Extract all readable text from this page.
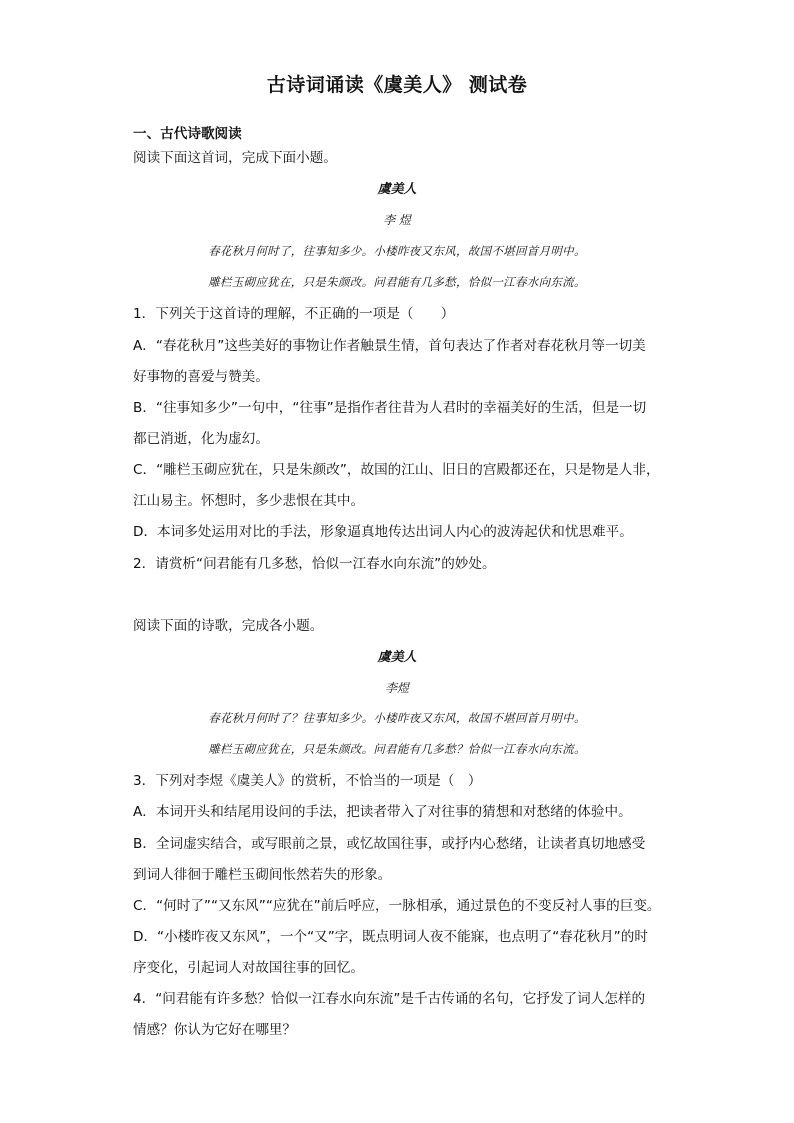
古诗词诵读《虞美人》 测试卷
一、古代诗歌阅读
阅读下面这首词，完成下面小题。
虞美人
李 煜
春花秋月何时了，往事知多少。小楼昨夜又东风，故国不堪回首月明中。
雕栏玉砌应犹在，只是朱颜改。问君能有几多愁，恰似一江春水向东流。
1．下列关于这首诗的理解，不正确的一项是（　　）
A．“春花秋月”这些美好的事物让作者触景生情，首句表达了作者对春花秋月等一切美
好事物的喜爱与赞美。
B．“往事知多少”一句中，“往事”是指作者往昔为人君时的幸福美好的生活，但是一切
都已消逝，化为虚幻。
C．“雕栏玉砌应犹在，只是朱颜改”，故国的江山、旧日的宫殿都还在，只是物是人非，
江山易主。怀想时，多少悲恨在其中。
D．本词多处运用对比的手法，形象逼真地传达出词人内心的波涛起伏和忧思难平。
2．请赏析“问君能有几多愁，恰似一江春水向东流”的妙处。
阅读下面的诗歌，完成各小题。
虞美人
李煜
春花秋月何时了？往事知多少。小楼昨夜又东风，故国不堪回首月明中。
雕栏玉砌应犹在，只是朱颜改。问君能有几多愁？恰似一江春水向东流。
3．下列对李煜《虞美人》的赏析，不恰当的一项是（　）
A．本词开头和结尾用设问的手法，把读者带入了对往事的猜想和对愁绪的体验中。
B．全词虚实结合，或写眼前之景，或忆故国往事，或抒内心愁绪，让读者真切地感受
到词人徘徊于雕栏玉砌间怅然若失的形象。
C．“何时了”“又东风”“应犹在”前后呼应，一脉相承，通过景色的不变反衬人事的巨变。
D．“小楼昨夜又东风”，一个“又”字，既点明词人夜不能寐，也点明了“春花秋月”的时
序变化，引起词人对故国往事的回忆。
4．“问君能有许多愁？恰似一江春水向东流”是千古传诵的名句，它抒发了词人怎样的
情感？你认为它好在哪里？
